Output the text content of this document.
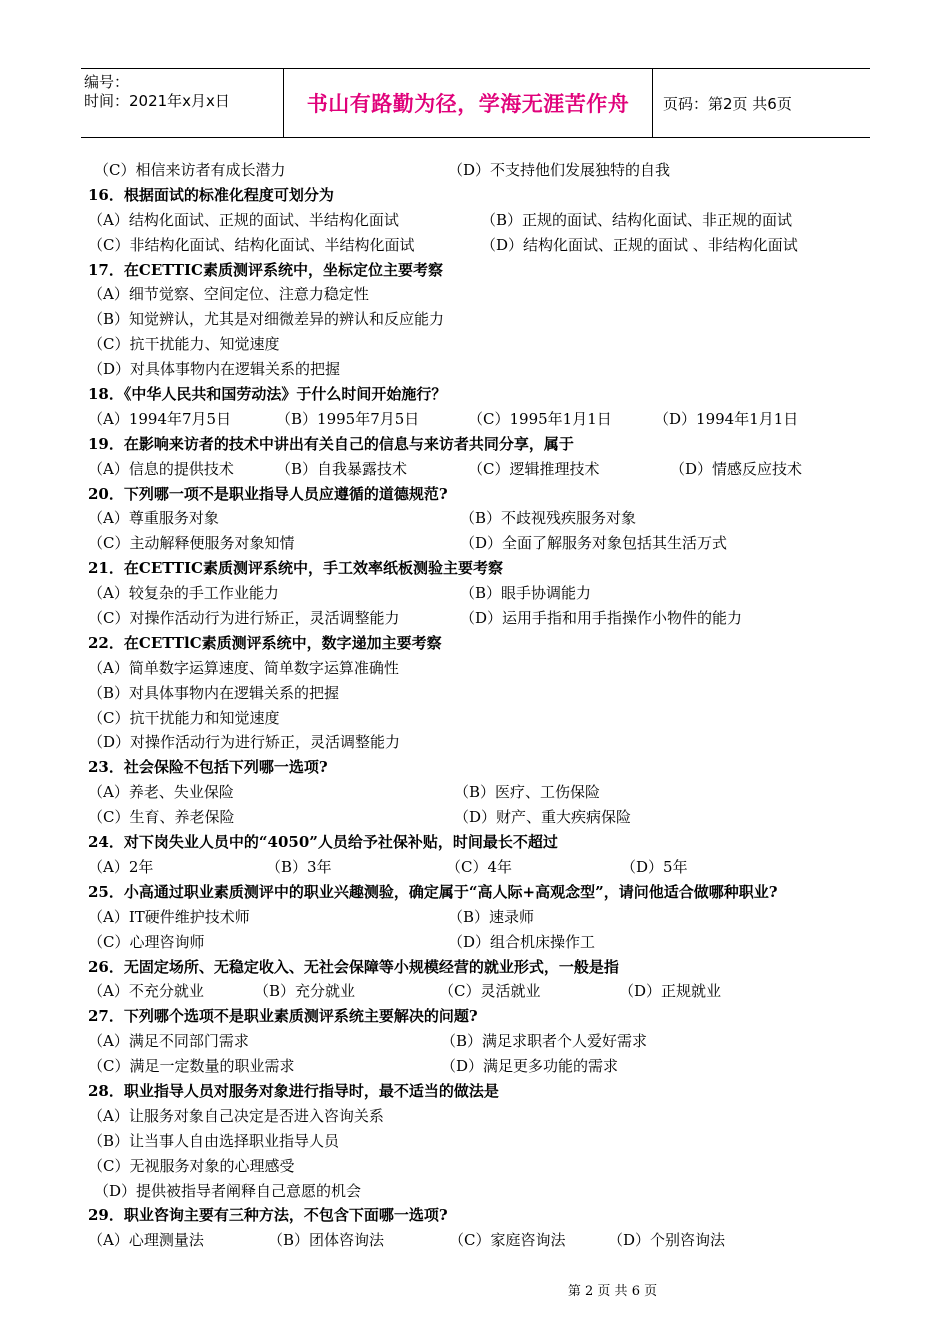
编号：
时间：2021年x月x日	书山有路勤为径，学海无涯苦作舟 页码：第2页 共6页
（C）相信来访者有成长潜力	（D）不支持他们发展独特的自我
16．根据面试的标准化程度可划分为
（A）结构化面试、正规的面试、半结构化面试	（B）正规的面试、结构化面试、非正规的面试
（C）非结构化面试、结构化面试、半结构化面试	（D）结构化面试、正规的面试 、非结构化面试
17．在CETTIC素质测评系统中，坐标定位主要考察
（A）细节觉察、空间定位、注意力稳定性
（B）知觉辨认，尤其是对细微差异的辨认和反应能力
（C）抗干扰能力、知觉速度
（D）对具体事物内在逻辑关系的把握
18．《中华人民共和国劳动法》于什么时间开始施行？
（A）1994年7月5日	（B）1995年7月5日	（C）1995年1月1日	（D）1994年1月1日
19．在影响来访者的技术中讲出有关自己的信息与来访者共同分享，属于
（A）信息的提供技术	（B）自我暴露技术	（C）逻辑推理技术	（D）情感反应技术
20．下列哪一项不是职业指导人员应遵循的道德规范?
（A）尊重服务对象	（B）不歧视残疾服务对象
（C）主动解释便服务对象知情	（D）全面了解服务对象包括其生活万式
21．在CETTIC素质测评系统中，手工效率纸板测验主要考察
（A）较复杂的手工作业能力	（B）眼手协调能力
（C）对操作活动行为进行矫正，灵活调整能力	（D）运用手指和用手指操作小物件的能力
22．在CETTlC素质测评系统中，数字递加主要考察
（A）简单数字运算速度、简单数字运算准确性
（B）对具体事物内在逻辑关系的把握
（C）抗干扰能力和知觉速度
（D）对操作活动行为进行矫正，灵活调整能力
23．社会保险不包括下列哪一选项?
（A）养老、失业保险	（B）医疗、工伤保险
（C）生育、养老保险	（D）财产、重大疾病保险
24．对下岗失业人员中的“4050”人员给予社保补贴，时间最长不超过
（A）2年	（B）3年	（C）4年	（D）5年
25．小高通过职业素质测评中的职业兴趣测验，确定属于“高人际+高观念型”，请问他适合做哪种职业?
（A）IT硬件维护技术师	（B）速录师
（C）心理咨询师	（D）组合机床操作工
26．无固定场所、无稳定收入、无社会保障等小规模经营的就业形式，一般是指
（A）不充分就业	（B）充分就业	（C）灵活就业	（D）正规就业
27．下列哪个选项不是职业素质测评系统主要解决的问题?
（A）满足不同部门需求	（B）满足求职者个人爱好需求
（C）满足一定数量的职业需求	（D）满足更多功能的需求
28．职业指导人员对服务对象进行指导时，最不适当的做法是
（A）让服务对象自己决定是否进入咨询关系
（B）让当事人自由选择职业指导人员
（C）无视服务对象的心理感受
（D）提供被指导者阐释自己意愿的机会
29．职业咨询主要有三种方法，不包含下面哪一选项?
（A）心理测量法	（B）团体咨询法	（C）家庭咨询法	（D）个别咨询法
第 2 页 共 6 页
